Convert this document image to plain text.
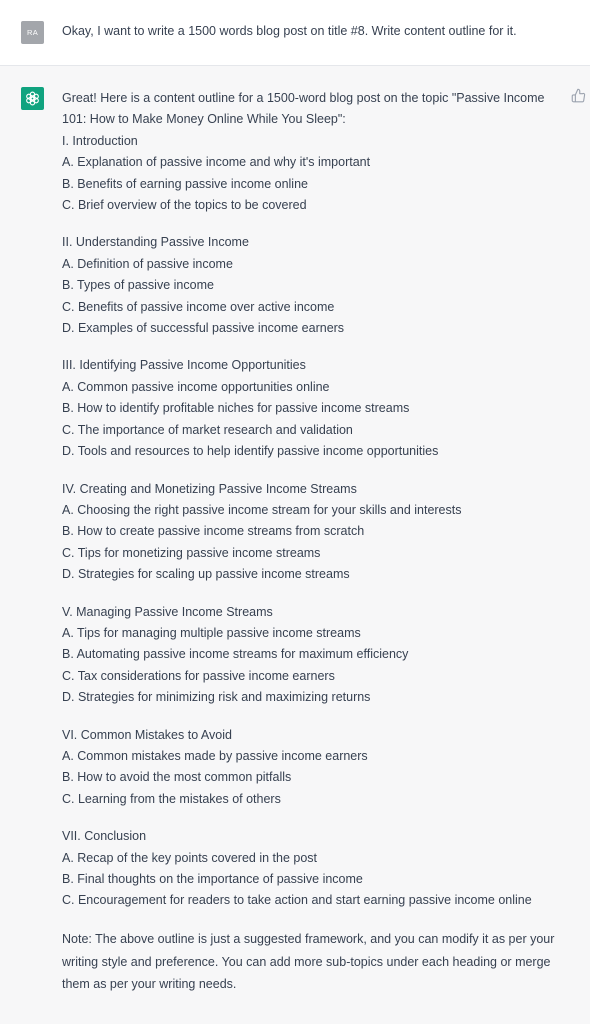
RA Okay, I want to write a 1500 words blog post on title #8. Write content outline for it.

Great! Here is a content outline for a 1500-word blog post on the topic "Passive Income 101: How to Make Money Online While You Sleep":

I. Introduction

A. Explanation of passive income and why it's important

B. Benefits of earning passive income online

C. Brief overview of the topics to be covered

II. Understanding Passive Income

A. Definition of passive income

B. Types of passive income

C. Benefits of passive income over active income

D. Examples of successful passive income earners

III. Identifying Passive Income Opportunities

A. Common passive income opportunities online

B. How to identify profitable niches for passive income streams

C. The importance of market research and validation

D. Tools and resources to help identify passive income opportunities

IV. Creating and Monetizing Passive Income Streams

A. Choosing the right passive income stream for your skills and interests

B. How to create passive income streams from scratch

C. Tips for monetizing passive income streams

D. Strategies for scaling up passive income streams

V. Managing Passive Income Streams

A. Tips for managing multiple passive income streams

B. Automating passive income streams for maximum efficiency

C. Tax considerations for passive income earners

D. Strategies for minimizing risk and maximizing returns

VI. Common Mistakes to Avoid

A. Common mistakes made by passive income earners

B. How to avoid the most common pitfalls

C. Learning from the mistakes of others

VII. Conclusion

A. Recap of the key points covered in the post

B. Final thoughts on the importance of passive income

C. Encouragement for readers to take action and start earning passive income online

Note: The above outline is just a suggested framework, and you can modify it as per your writing style and preference. You can add more sub-topics under each heading or merge them as per your writing needs.
